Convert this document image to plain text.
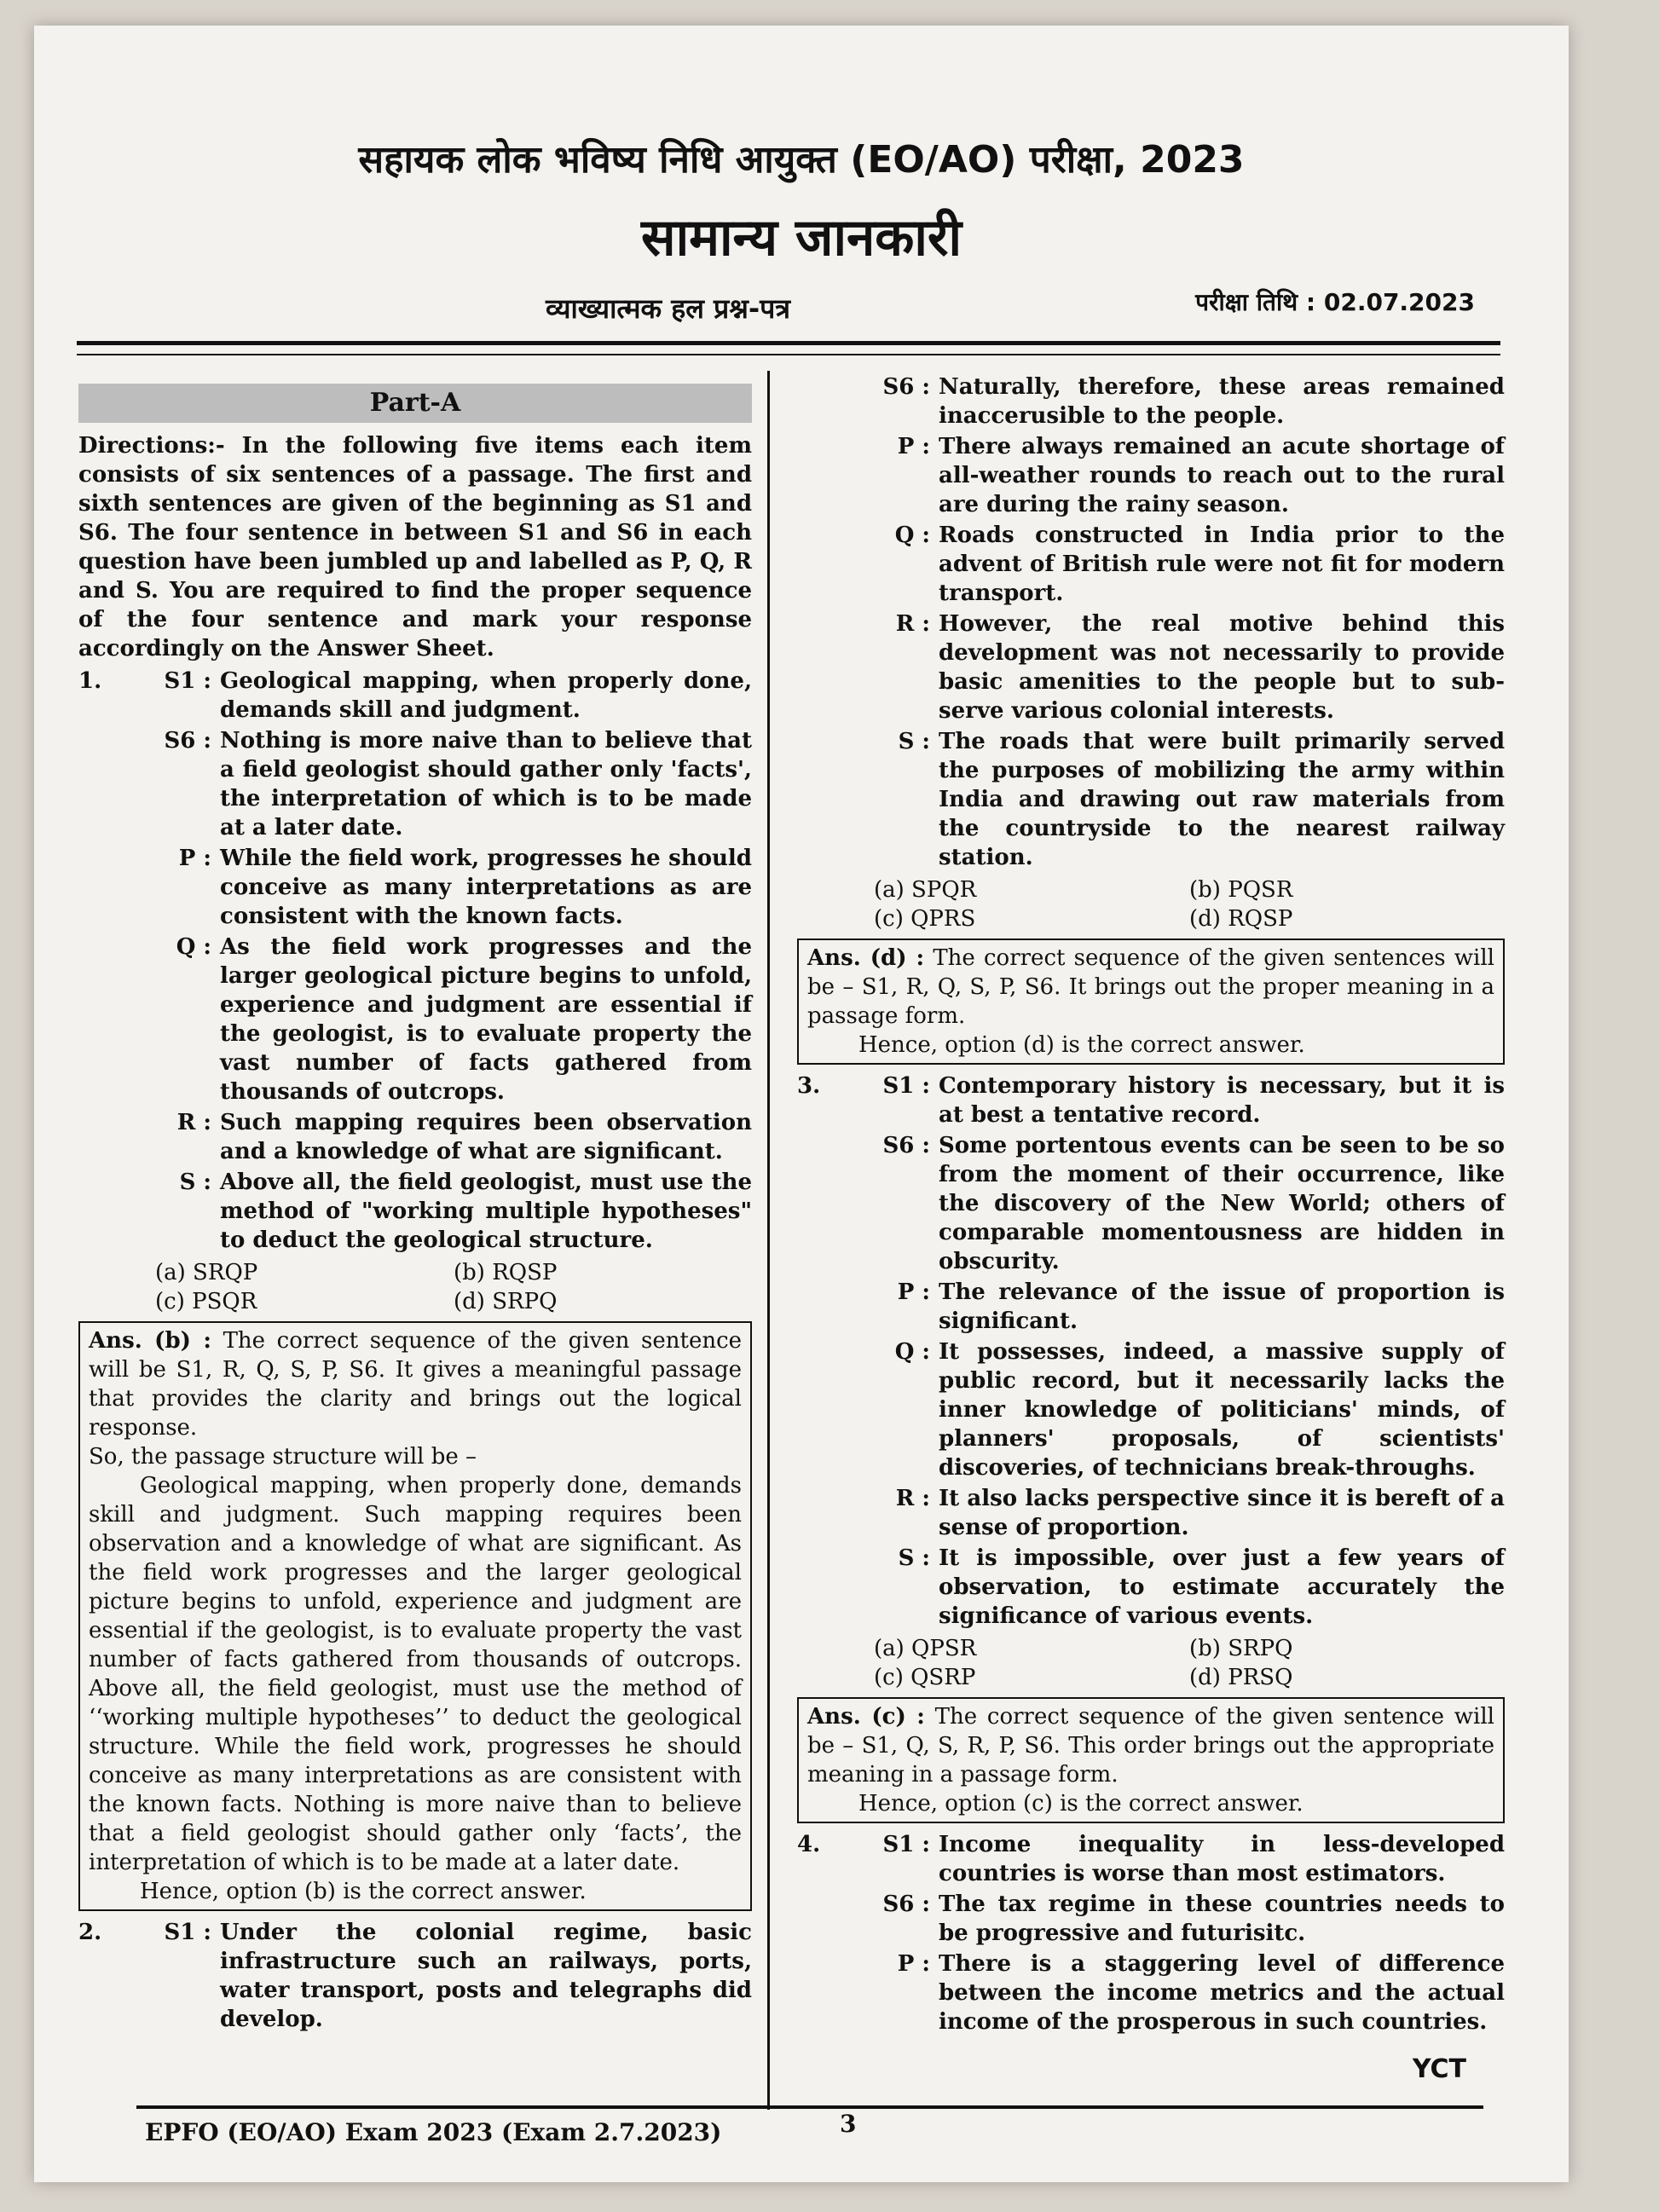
सहायक लोक भविष्य निधि आयुक्त (EO/AO) परीक्षा, 2023
सामान्य जानकारी
व्याख्यात्मक हल प्रश्न-पत्र	परीक्षा तिथि : 02.07.2023
Part-A
Directions:- In the following five items each item consists of six sentences of a passage. The first and sixth sentences are given of the beginning as S1 and S6. The four sentence in between S1 and S6 in each question have been jumbled up and labelled as P, Q, R and S. You are required to find the proper sequence of the four sentence and mark your response accordingly on the Answer Sheet.
1.	S1 : Geological mapping, when properly done, demands skill and judgment.
S6 : Nothing is more naive than to believe that a field geologist should gather only 'facts', the interpretation of which is to be made at a later date.
P : While the field work, progresses he should conceive as many interpretations as are consistent with the known facts.
Q : As the field work progresses and the larger geological picture begins to unfold, experience and judgment are essential if the geologist, is to evaluate property the vast number of facts gathered from thousands of outcrops.
R : Such mapping requires been observation and a knowledge of what are significant.
S : Above all, the field geologist, must use the method of "working multiple hypotheses" to deduct the geological structure.
(a) SRQP	(b) RQSP
(c) PSQR	(d) SRPQ
Ans. (b) : The correct sequence of the given sentence will be S1, R, Q, S, P, S6. It gives a meaningful passage that provides the clarity and brings out the logical response.
So, the passage structure will be –
Geological mapping, when properly done, demands skill and judgment. Such mapping requires been observation and a knowledge of what are significant. As the field work progresses and the larger geological picture begins to unfold, experience and judgment are essential if the geologist, is to evaluate property the vast number of facts gathered from thousands of outcrops. Above all, the field geologist, must use the method of ‘‘working multiple hypotheses’’ to deduct the geological structure. While the field work, progresses he should conceive as many interpretations as are consistent with the known facts. Nothing is more naive than to believe that a field geologist should gather only ‘facts’, the interpretation of which is to be made at a later date.
Hence, option (b) is the correct answer.
2.	S1 : Under the colonial regime, basic infrastructure such an railways, ports, water transport, posts and telegraphs did develop.
S6 : Naturally, therefore, these areas remained inaccerusible to the people.
P : There always remained an acute shortage of all-weather rounds to reach out to the rural are during the rainy season.
Q : Roads constructed in India prior to the advent of British rule were not fit for modern transport.
R : However, the real motive behind this development was not necessarily to provide basic amenities to the people but to sub-serve various colonial interests.
S : The roads that were built primarily served the purposes of mobilizing the army within India and drawing out raw materials from the countryside to the nearest railway station.
(a) SPQR	(b) PQSR
(c) QPRS	(d) RQSP
Ans. (d) : The correct sequence of the given sentences will be – S1, R, Q, S, P, S6. It brings out the proper meaning in a passage form.
Hence, option (d) is the correct answer.
3.	S1 : Contemporary history is necessary, but it is at best a tentative record.
S6 : Some portentous events can be seen to be so from the moment of their occurrence, like the discovery of the New World; others of comparable momentousness are hidden in obscurity.
P : The relevance of the issue of proportion is significant.
Q : It possesses, indeed, a massive supply of public record, but it necessarily lacks the inner knowledge of politicians' minds, of planners' proposals, of scientists' discoveries, of technicians break-throughs.
R : It also lacks perspective since it is bereft of a sense of proportion.
S : It is impossible, over just a few years of observation, to estimate accurately the significance of various events.
(a) QPSR	(b) SRPQ
(c) QSRP	(d) PRSQ
Ans. (c) : The correct sequence of the given sentence will be – S1, Q, S, R, P, S6. This order brings out the appropriate meaning in a passage form.
Hence, option (c) is the correct answer.
4.	S1 : Income inequality in less-developed countries is worse than most estimators.
S6 : The tax regime in these countries needs to be progressive and futurisitc.
P : There is a staggering level of difference between the income metrics and the actual income of the prosperous in such countries.
YCT
EPFO (EO/AO) Exam 2023 (Exam 2.7.2023)	3
